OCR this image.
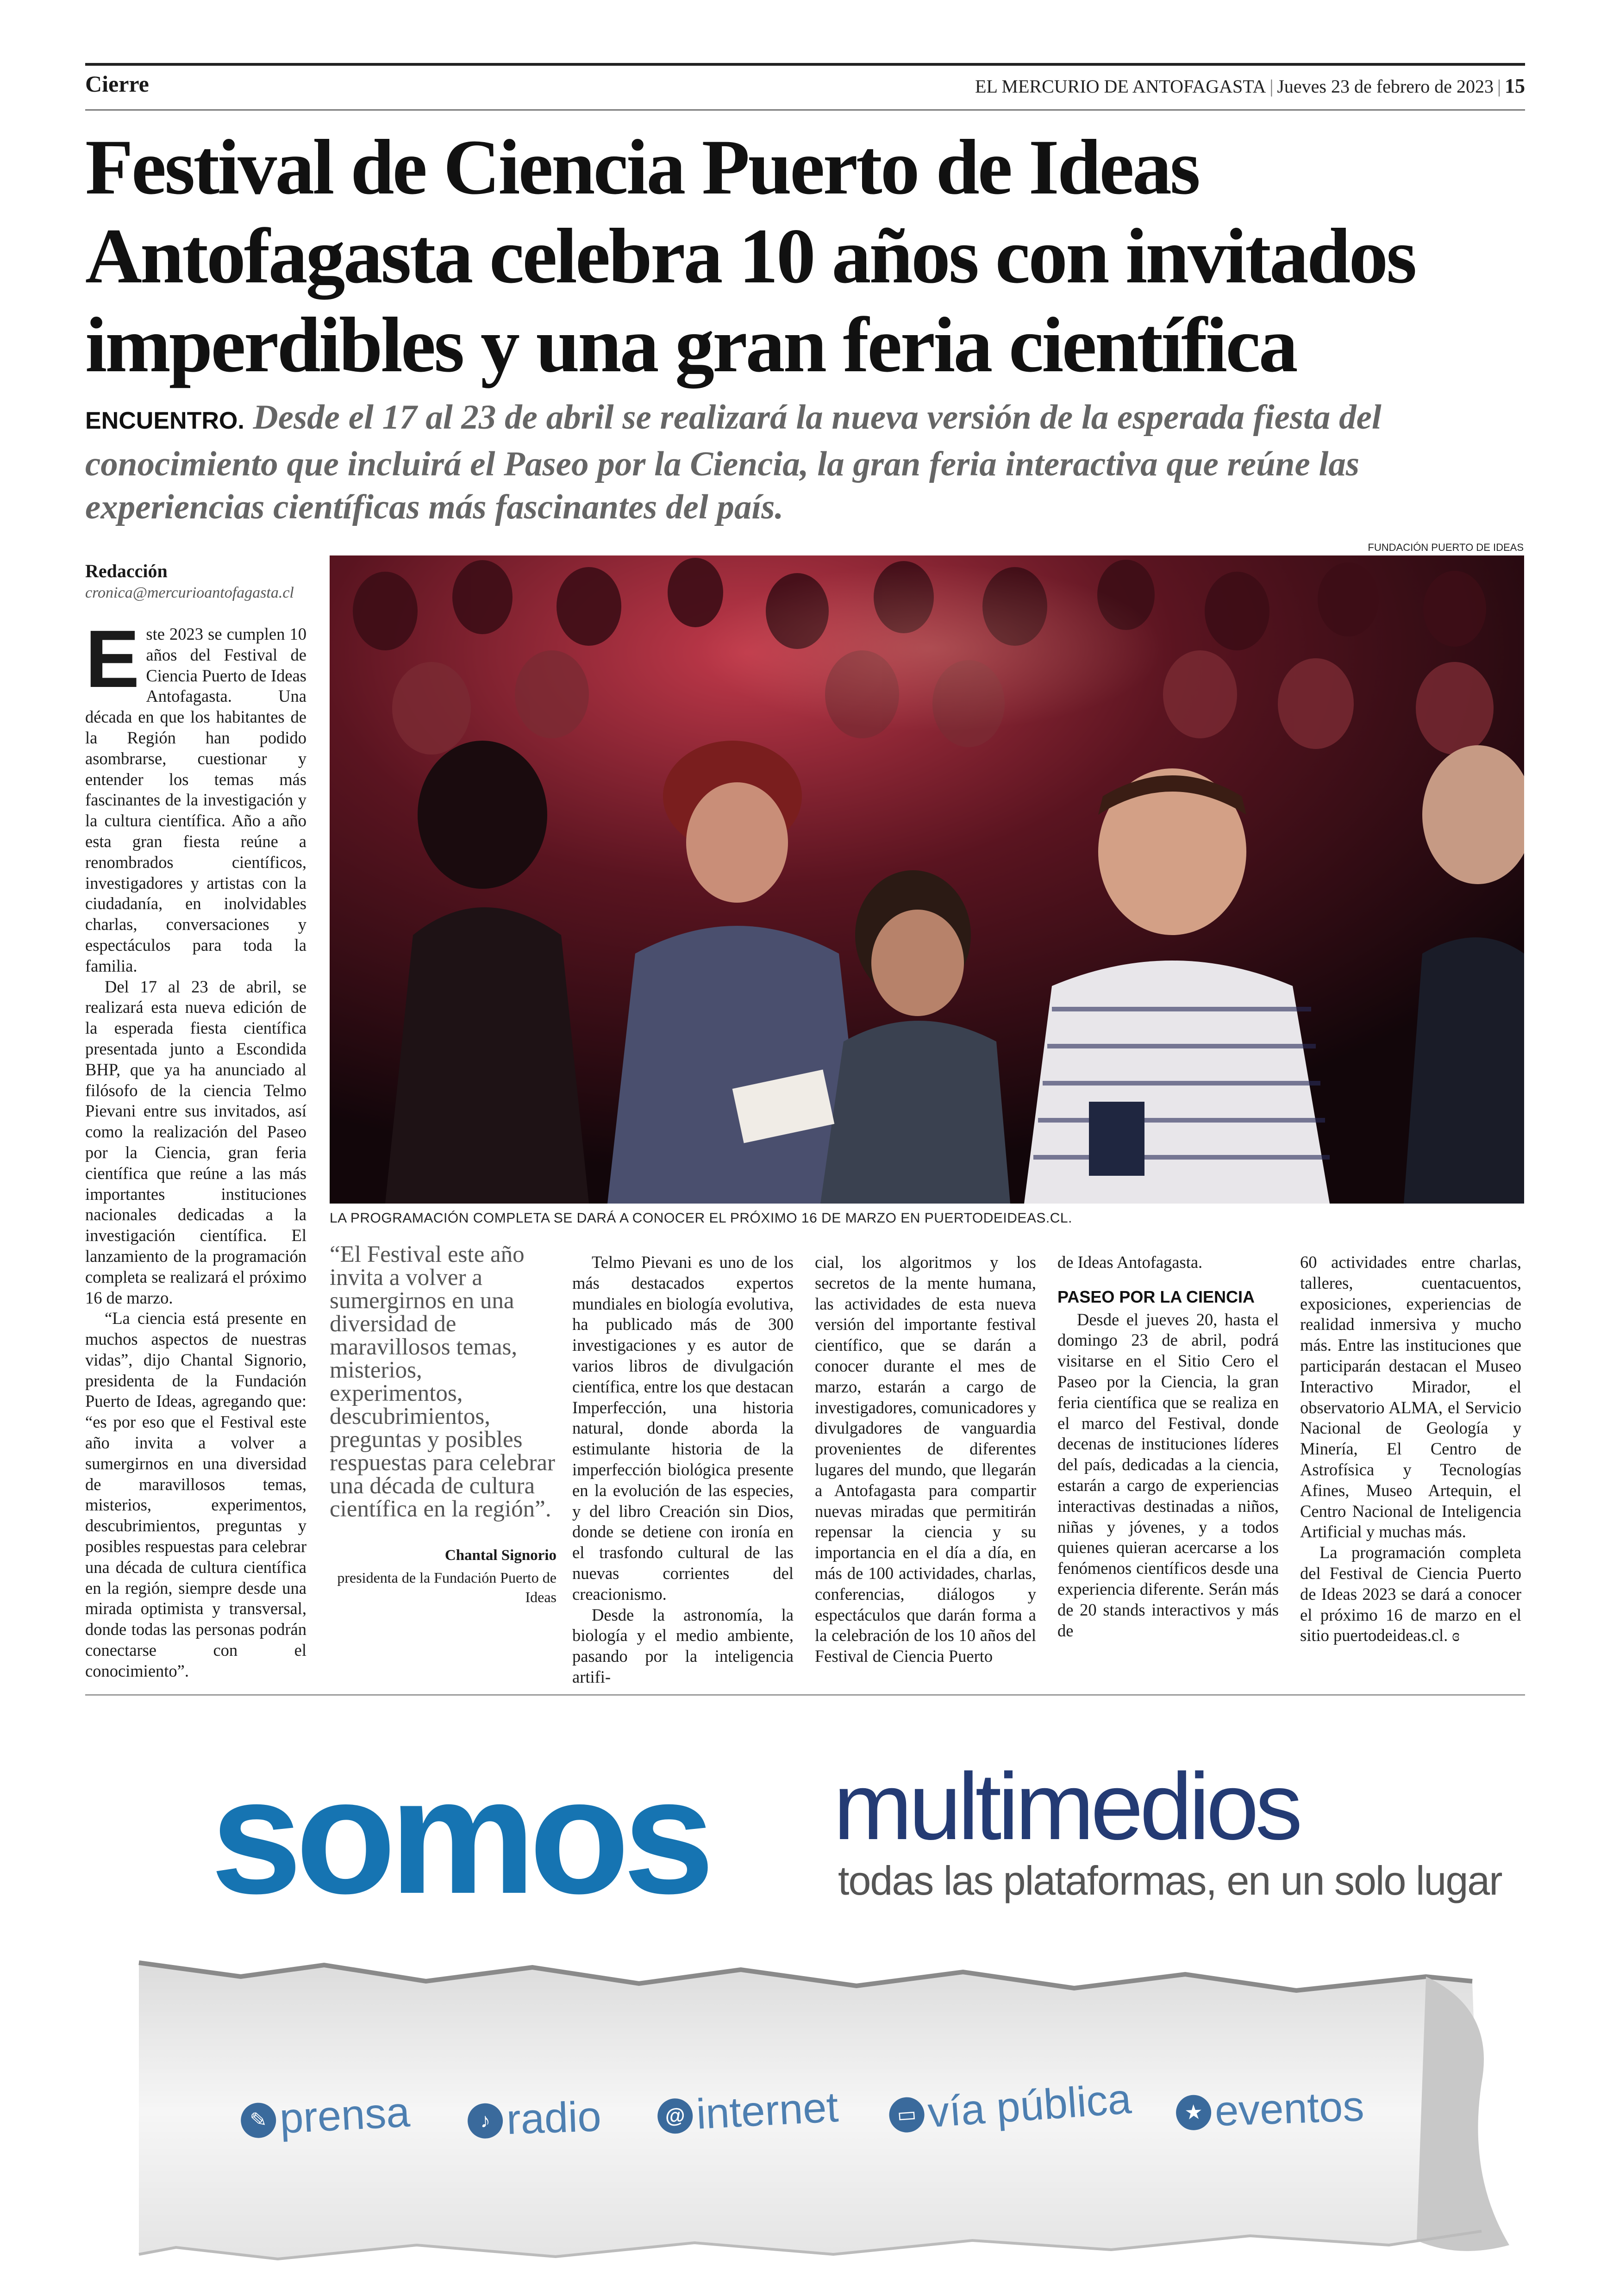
Cierre	EL MERCURIO DE ANTOFAGASTA | Jueves 23 de febrero de 2023 | 15
Festival de Ciencia Puerto de Ideas Antofagasta celebra 10 años con invitados imperdibles y una gran feria científica
ENCUENTRO. Desde el 17 al 23 de abril se realizará la nueva versión de la esperada fiesta del conocimiento que incluirá el Paseo por la Ciencia, la gran feria interactiva que reúne las experiencias científicas más fascinantes del país.
Redacción
cronica@mercurioantofagasta.cl

Este 2023 se cumplen 10 años del Festival de Ciencia Puerto de Ideas Antofagasta. Una década en que los habitantes de la Región han podido asombrarse, cuestionar y entender los temas más fascinantes de la investigación y la cultura científica. Año a año esta gran fiesta reúne a renombrados científicos, investigadores y artistas con la ciudadanía, en inolvidables charlas, conversaciones y espectáculos para toda la familia.

Del 17 al 23 de abril, se realizará esta nueva edición de la esperada fiesta científica presentada junto a Escondida BHP, que ya ha anunciado al filósofo de la ciencia Telmo Pievani entre sus invitados, así como la realización del Paseo por la Ciencia, gran feria científica que reúne a las más importantes instituciones nacionales dedicadas a la investigación científica. El lanzamiento de la programación completa se realizará el próximo 16 de marzo.

“La ciencia está presente en muchos aspectos de nuestras vidas”, dijo Chantal Signorio, presidenta de la Fundación Puerto de Ideas, agregando que: “es por eso que el Festival este año invita a volver a sumergirnos en una diversidad de maravillosos temas, misterios, experimentos, descubrimientos, preguntas y posibles respuestas para celebrar una década de cultura científica en la región, siempre desde una mirada optimista y transversal, donde todas las personas podrán conectarse con el conocimiento”.

FUNDACIÓN PUERTO DE IDEAS
LA PROGRAMACIÓN COMPLETA SE DARÁ A CONOCER EL PRÓXIMO 16 DE MARZO EN PUERTODEIDEAS.CL.
“El Festival este año invita a volver a sumergirnos en una diversidad de maravillosos temas, misterios, experimentos, descubrimientos, preguntas y posibles respuestas para celebrar una década de cultura científica en la región”.
Chantal Signorio
presidenta de la Fundación Puerto de Ideas

Telmo Pievani es uno de los más destacados expertos mundiales en biología evolutiva, ha publicado más de 300 investigaciones y es autor de varios libros de divulgación científica, entre los que destacan Imperfección, una historia natural, donde aborda la estimulante historia de la imperfección biológica presente en la evolución de las especies, y del libro Creación sin Dios, donde se detiene con ironía en el trasfondo cultural de las nuevas corrientes del creacionismo.

Desde la astronomía, la biología y el medio ambiente, pasando por la inteligencia artifi-

cial, los algoritmos y los secretos de la mente humana, las actividades de esta nueva versión del importante festival científico, que se darán a conocer durante el mes de marzo, estarán a cargo de investigadores, comunicadores y divulgadores de vanguardia provenientes de diferentes lugares del mundo, que llegarán a Antofagasta para compartir nuevas miradas que permitirán repensar la ciencia y su importancia en el día a día, en más de 100 actividades, charlas, conferencias, diálogos y espectáculos que darán forma a la celebración de los 10 años del Festival de Ciencia Puerto

de Ideas Antofagasta.

PASEO POR LA CIENCIA

Desde el jueves 20, hasta el domingo 23 de abril, podrá visitarse en el Sitio Cero el Paseo por la Ciencia, la gran feria científica que se realiza en el marco del Festival, donde decenas de instituciones líderes del país, dedicadas a la ciencia, estarán a cargo de experiencias interactivas destinadas a niños, niñas y jóvenes, y a todos quienes quieran acercarse a los fenómenos científicos desde una experiencia diferente. Serán más de 20 stands interactivos y más de

60 actividades entre charlas, talleres, cuentacuentos, exposiciones, experiencias de realidad inmersiva y mucho más. Entre las instituciones que participarán destacan el Museo Interactivo Mirador, el observatorio ALMA, el Servicio Nacional de Geología y Minería, El Centro de Astrofísica y Tecnologías Afines, Museo Artequin, el Centro Nacional de Inteligencia Artificial y muchas más.

La programación completa del Festival de Ciencia Puerto de Ideas 2023 se dará a conocer el próximo 16 de marzo en el sitio puertodeideas.cl. ɞ

somos multimedios
todas las plataformas, en un solo lugar
✎ prensa	♪ radio	@ internet	▭ vía pública	★ eventos
